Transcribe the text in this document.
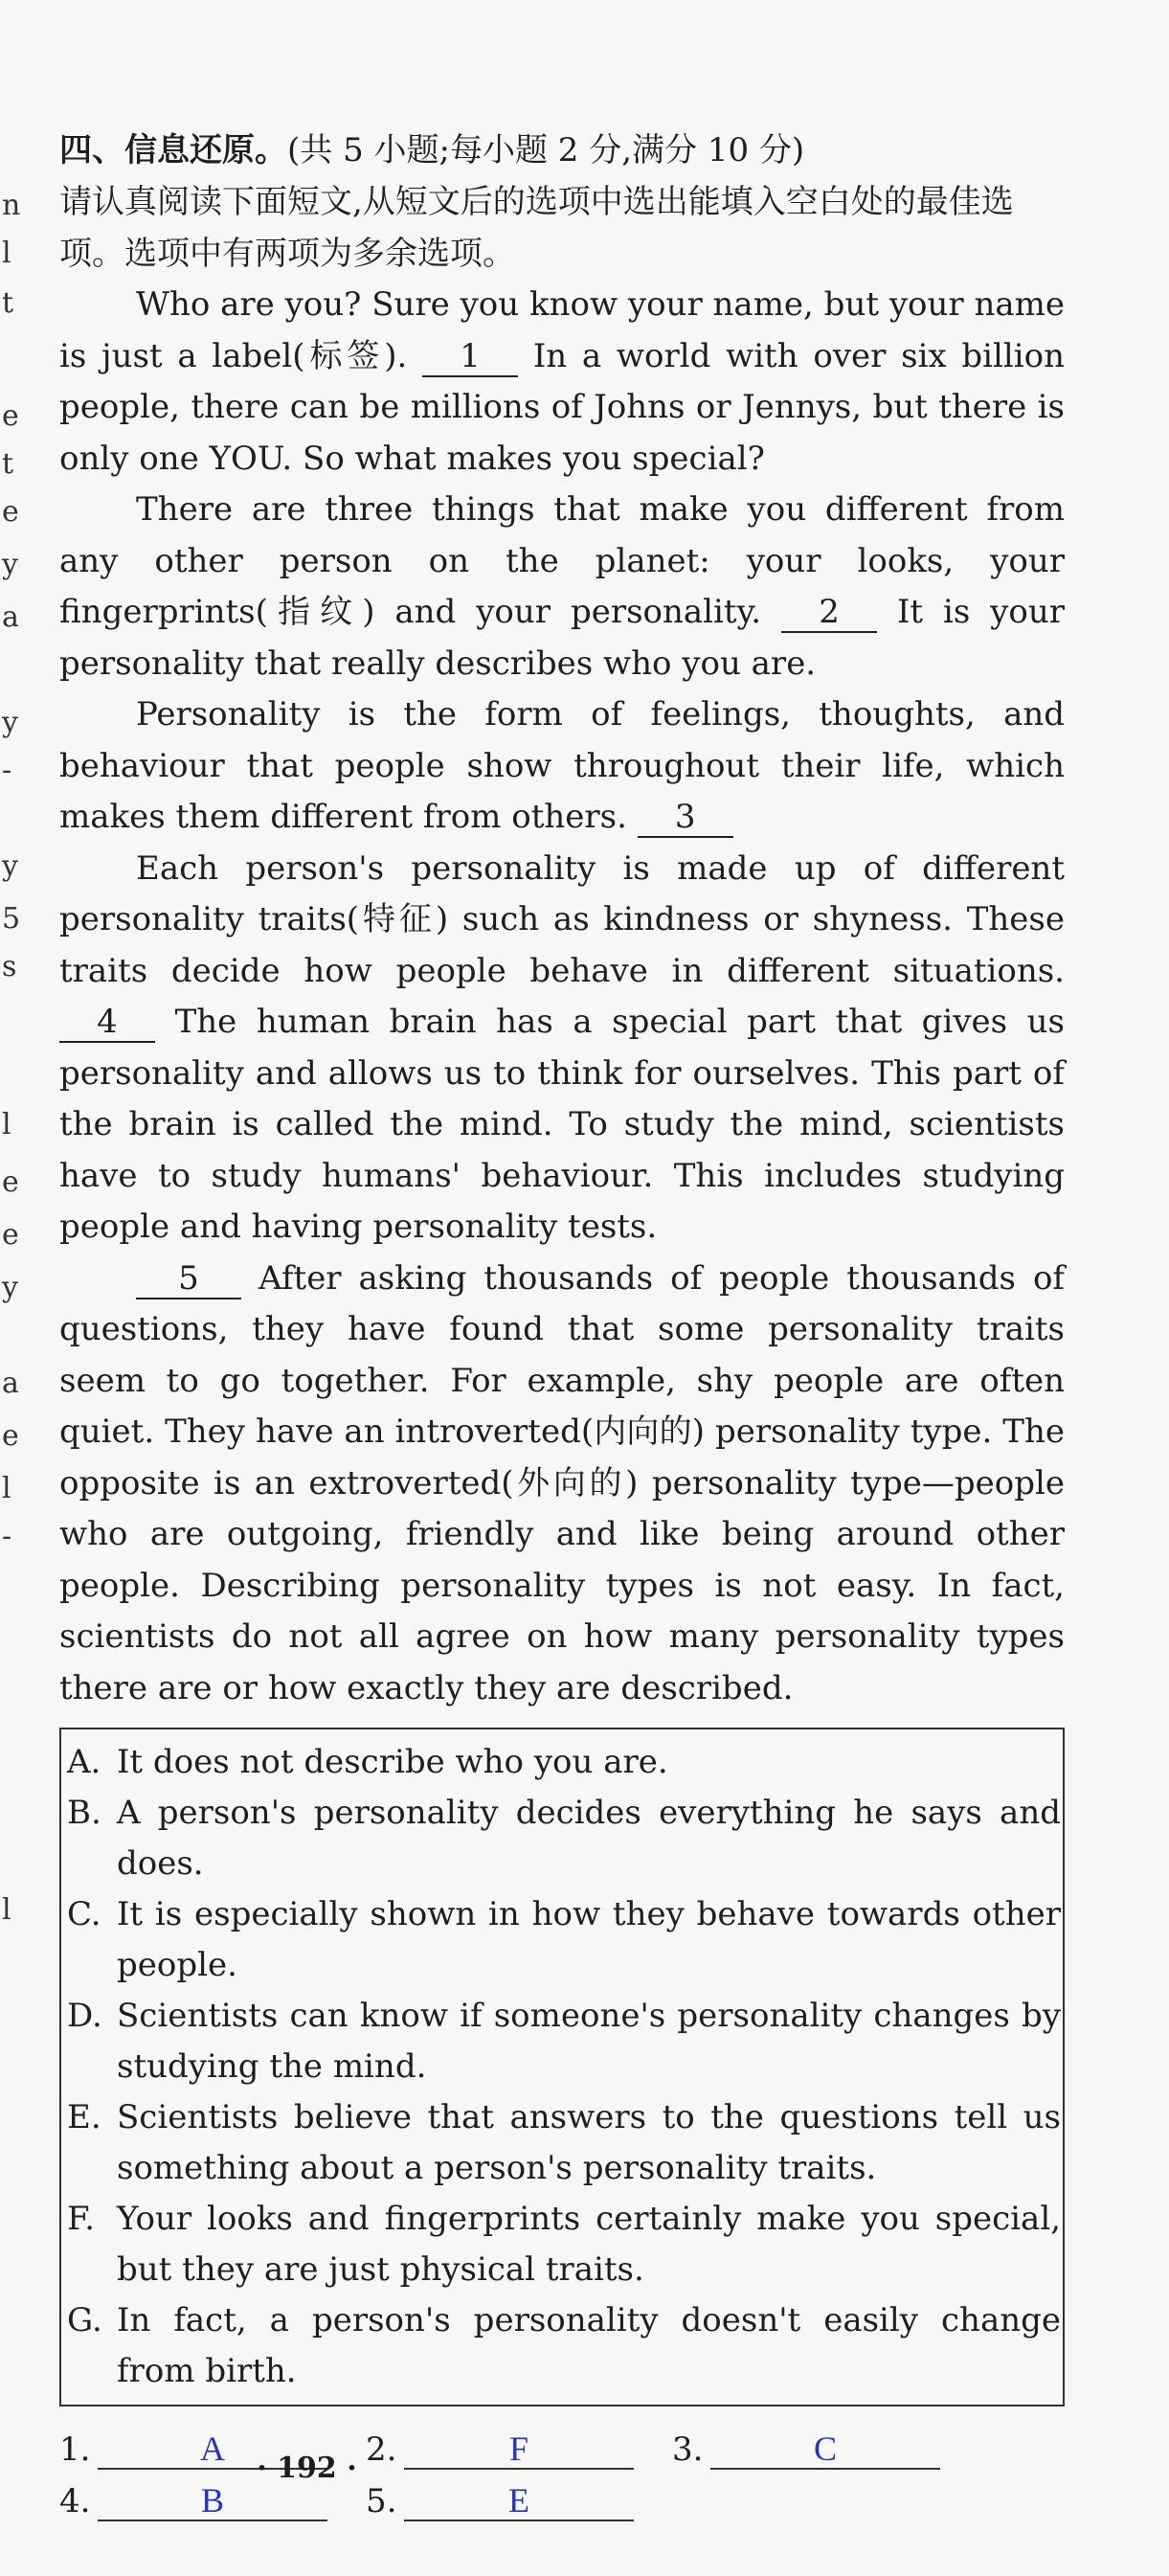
n
l
t
e
t
e
y
a
y
-
y
5
s
l
e
e
y
a
e
l
-
l

四、信息还原。(共 5 小题;每小题 2 分,满分 10 分)

请认真阅读下面短文,从短文后的选项中选出能填入空白处的最佳选项。选项中有两项为多余选项。

Who are you? Sure you know your name, but your name is just a label(标签). 1 In a world with over six billion people, there can be millions of Johns or Jennys, but there is only one YOU. So what makes you special?

There are three things that make you different from any other person on the planet: your looks, your fingerprints(指纹) and your personality. 2 It is your personality that really describes who you are.

Personality is the form of feelings, thoughts, and behaviour that people show throughout their life, which makes them different from others. 3

Each person's personality is made up of different personality traits(特征) such as kindness or shyness. These traits decide how people behave in different situations. 4 The human brain has a special part that gives us personality and allows us to think for ourselves. This part of the brain is called the mind. To study the mind, scientists have to study humans' behaviour. This includes studying people and having personality tests.

5 After asking thousands of people thousands of questions, they have found that some personality traits seem to go together. For example, shy people are often quiet. They have an introverted(内向的) personality type. The opposite is an extroverted(外向的) personality type—people who are outgoing, friendly and like being around other people. Describing personality types is not easy. In fact, scientists do not all agree on how many personality types there are or how exactly they are described.

A. It does not describe who you are.
B. A person's personality decides everything he says and does.
C. It is especially shown in how they behave towards other people.
D. Scientists can know if someone's personality changes by studying the mind.
E. Scientists believe that answers to the questions tell us something about a person's personality traits.
F. Your looks and fingerprints certainly make you special, but they are just physical traits.
G. In fact, a person's personality doesn't easily change from birth.
1.	A	2.	F	3.	C
4.	B	5.	E
· 192 ·
